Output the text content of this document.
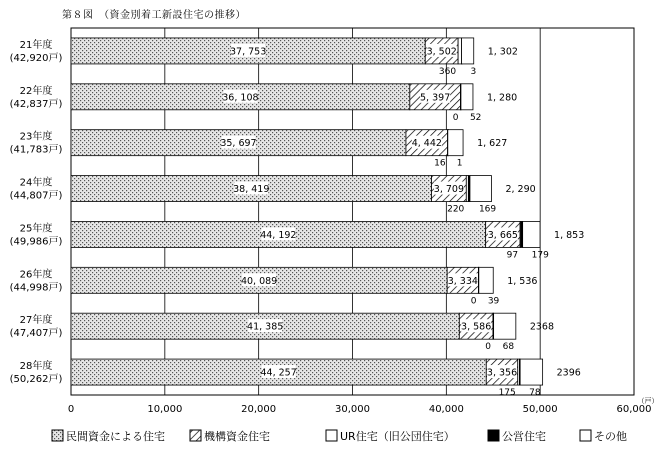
第８図　（資金別着工新設住宅の推移）
37, 753	3, 502	1, 302
360 3
36, 108	5, 397	1, 280
0 52
35, 697	4, 442	1, 627
16 1
38, 419	3, 709	2, 290
220 169
44, 192	3, 665	1, 853
97 179
40, 089	3, 334	1, 536
0 39
41, 385	3, 586	2368
0 68
44, 257	3, 356	2396
175 78
0	10,000	20,000	30,000	40,000	50,000	60,000
（戸）
21年度
(42,920戸)
22年度
(42,837戸)
23年度
(41,783戸)
24年度
(44,807戸)
25年度
(49,986戸)
26年度
(44,998戸)
27年度
(47,407戸)
28年度
(50,262戸)
民間資金による住宅	機構資金住宅	UR住宅（旧公団住宅）	公営住宅	その他
